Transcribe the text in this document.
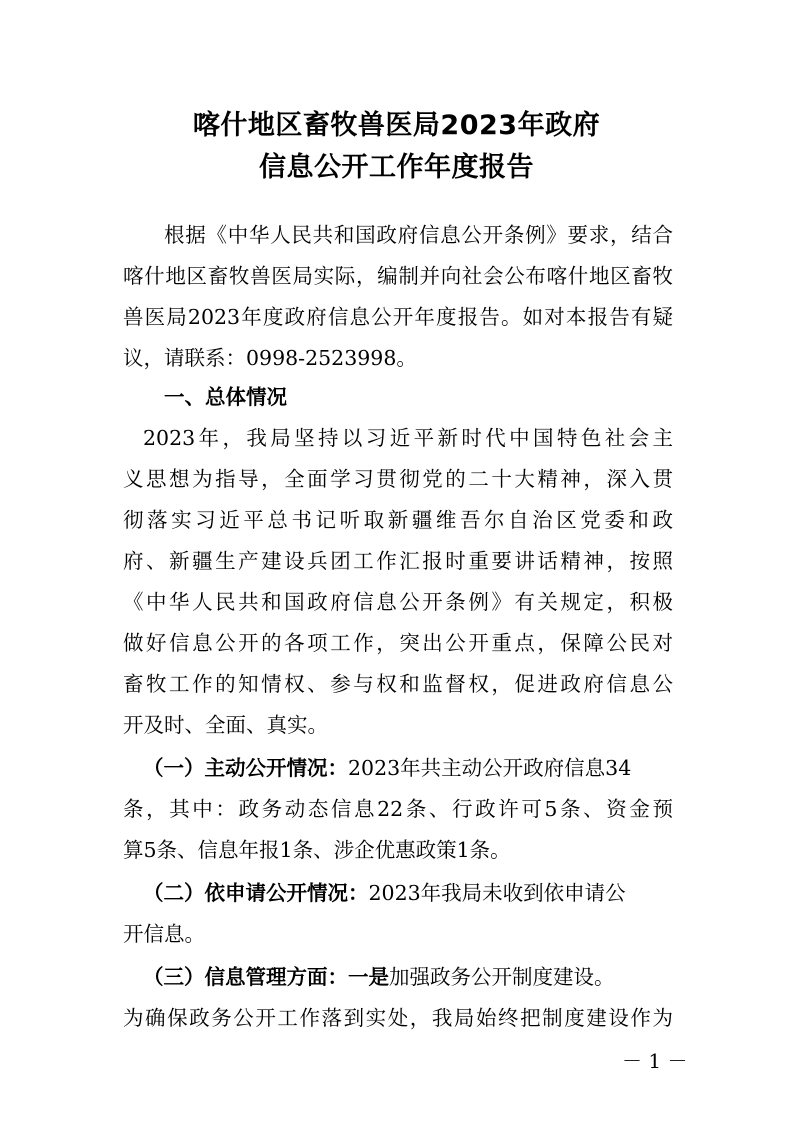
喀什地区畜牧兽医局2023年政府
信息公开工作年度报告
根据《中华人民共和国政府信息公开条例》要求，结合
喀什地区畜牧兽医局实际，编制并向社会公布喀什地区畜牧
兽医局2023年度政府信息公开年度报告。如对本报告有疑
议，请联系：0998-2523998。
一、总体情况
2023年，我局坚持以习近平新时代中国特色社会主
义思想为指导，全面学习贯彻党的二十大精神，深入贯
彻落实习近平总书记听取新疆维吾尔自治区党委和政
府、新疆生产建设兵团工作汇报时重要讲话精神，按照
《中华人民共和国政府信息公开条例》有关规定，积极
做好信息公开的各项工作，突出公开重点，保障公民对
畜牧工作的知情权、参与权和监督权，促进政府信息公
开及时、全面、真实。
（一）主动公开情况：2023年共主动公开政府信息34
条，其中：政务动态信息22条、行政许可5条、资金预
算5条、信息年报1条、涉企优惠政策1条。
（二）依申请公开情况：2023年我局未收到依申请公
开信息。
（三）信息管理方面：一是加强政务公开制度建设。
为确保政务公开工作落到实处，我局始终把制度建设作为
－ 1 －
